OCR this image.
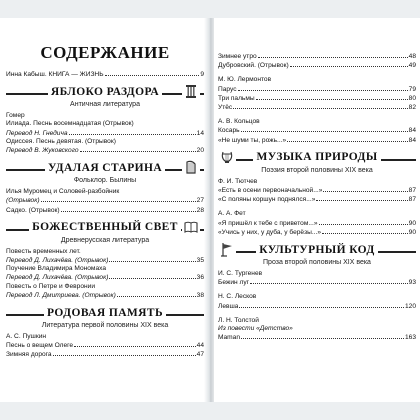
СОДЕРЖАНИЕ
Инна Кабыш. КНИГА — ЖИЗНЬ	9
ЯБЛОКО РАЗДОРА
Античная литература
Гомер
Илиада. Песнь восемнадцатая (Отрывок)
Перевод Н. Гнедича	14
Одиссея. Песнь девятая. (Отрывок)
Перевод В. Жуковского	20
УДАЛАЯ СТАРИНА
Фольклор. Былины
Илья Муромец и Соловей-разбойник
(Отрывок)	27
Садко. (Отрывок)	28
БОЖЕСТВЕННЫЙ СВЕТ
Древнерусская литература
Повесть временных лет.
Перевод Д. Лихачёва. (Отрывок)	35
Поучение Владимира Мономаха
Перевод Д. Лихачёва. (Отрывок)	36
Повесть о Петре и Февронии
Перевод Л. Дмитриева. (Отрывок)	38
РОДОВАЯ ПАМЯТЬ
Литература первой половины XIX века
А. С. Пушкин
Песнь о вещем Олеге	44
Зимняя дорога	47
Зимнее утро	48
Дубровский. (Отрывок)	49
М. Ю. Лермонтов
Парус	79
Три пальмы	80
Утёс	82
А. В. Кольцов
Косарь	84
«Не шуми ты, рожь...»	84
МУЗЫКА ПРИРОДЫ
Поэзия второй половины XIX века
Ф. И. Тютчев
«Есть в осени первоначальной...»	87
«С поляны коршун поднялся...»	87
А. А. Фет
«Я пришёл к тебе с приветом...»	90
«Учись у них, у дуба, у берёзы...»	90
КУЛЬТУРНЫЙ КОД
Проза второй половины XIX века
И. С. Тургенев
Бежин луг	93
Н. С. Лесков
Левша	120
Л. Н. Толстой
Из повести «Детство»
Maman	163
